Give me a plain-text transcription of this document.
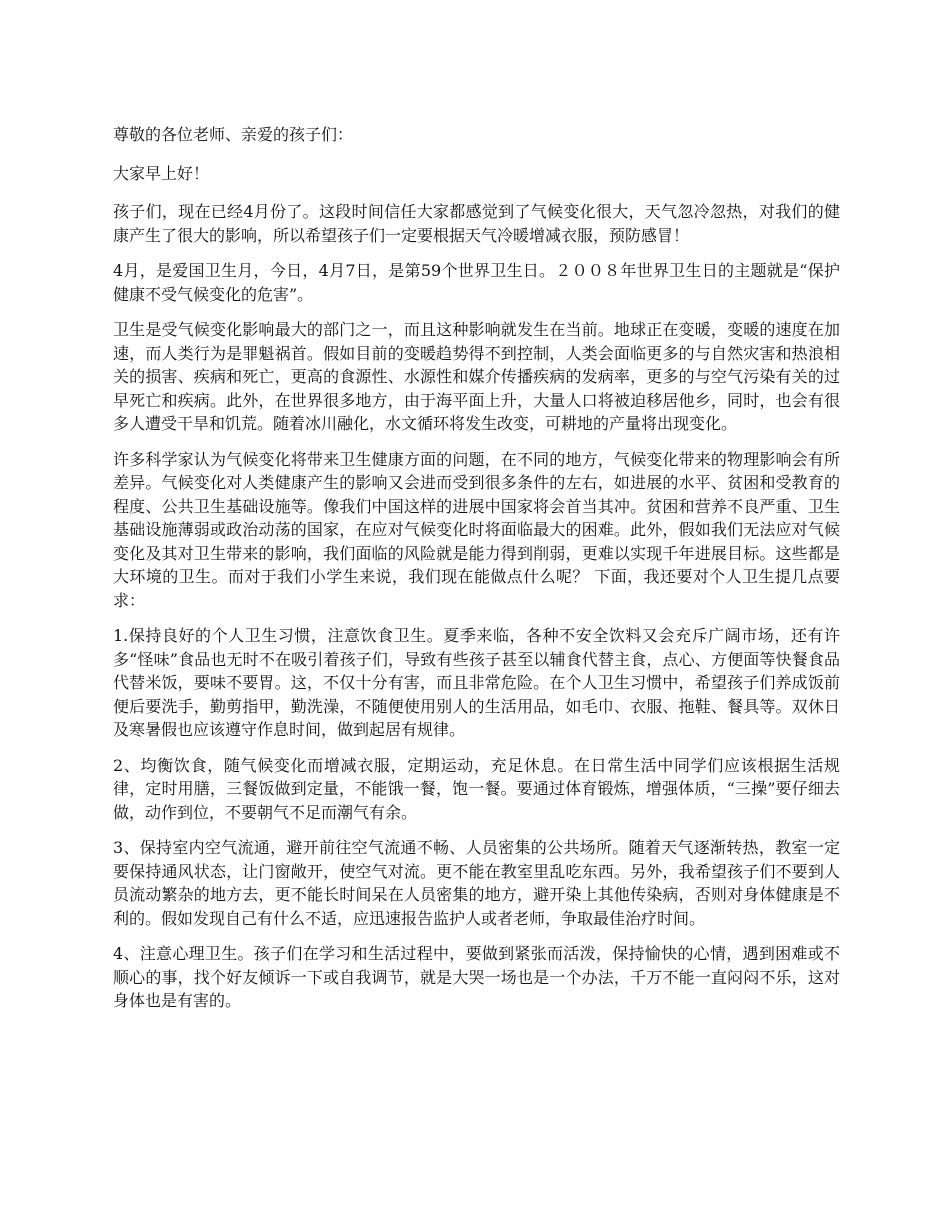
尊敬的各位老师、亲爱的孩子们：

大家早上好！

孩子们，现在已经4月份了。这段时间信任大家都感觉到了气候变化很大，天气忽冷忽热，对我们的健康产生了很大的影响，所以希望孩子们一定要根据天气冷暖增减衣服，预防感冒！

4月，是爱国卫生月，今日，4月7日，是第59个世界卫生日。２００８年世界卫生日的主题就是“保护健康不受气候变化的危害”。

卫生是受气候变化影响最大的部门之一，而且这种影响就发生在当前。地球正在变暖，变暖的速度在加速，而人类行为是罪魁祸首。假如目前的变暖趋势得不到控制，人类会面临更多的与自然灾害和热浪相关的损害、疾病和死亡，更高的食源性、水源性和媒介传播疾病的发病率，更多的与空气污染有关的过早死亡和疾病。此外，在世界很多地方，由于海平面上升，大量人口将被迫移居他乡，同时，也会有很多人遭受干旱和饥荒。随着冰川融化，水文循环将发生改变，可耕地的产量将出现变化。

许多科学家认为气候变化将带来卫生健康方面的问题，在不同的地方，气候变化带来的物理影响会有所差异。气候变化对人类健康产生的影响又会进而受到很多条件的左右，如进展的水平、贫困和受教育的程度、公共卫生基础设施等。像我们中国这样的进展中国家将会首当其冲。贫困和营养不良严重、卫生基础设施薄弱或政治动荡的国家，在应对气候变化时将面临最大的困难。此外，假如我们无法应对气候变化及其对卫生带来的影响，我们面临的风险就是能力得到削弱，更难以实现千年进展目标。这些都是大环境的卫生。而对于我们小学生来说，我们现在能做点什么呢？ 下面，我还要对个人卫生提几点要求：

1.保持良好的个人卫生习惯，注意饮食卫生。夏季来临，各种不安全饮料又会充斥广阔市场，还有许多“怪味”食品也无时不在吸引着孩子们，导致有些孩子甚至以辅食代替主食，点心、方便面等快餐食品代替米饭，要味不要胃。这，不仅十分有害，而且非常危险。在个人卫生习惯中，希望孩子们养成饭前便后要洗手，勤剪指甲，勤洗澡，不随便使用别人的生活用品，如毛巾、衣服、拖鞋、餐具等。双休日及寒暑假也应该遵守作息时间，做到起居有规律。

2、均衡饮食，随气候变化而增减衣服，定期运动，充足休息。在日常生活中同学们应该根据生活规律，定时用膳，三餐饭做到定量，不能饿一餐，饱一餐。要通过体育锻炼，增强体质，“三操”要仔细去做，动作到位，不要朝气不足而潮气有余。

3、保持室内空气流通，避开前往空气流通不畅、人员密集的公共场所。随着天气逐渐转热，教室一定要保持通风状态，让门窗敞开，使空气对流。更不能在教室里乱吃东西。另外，我希望孩子们不要到人员流动繁杂的地方去，更不能长时间呆在人员密集的地方，避开染上其他传染病，否则对身体健康是不利的。假如发现自己有什么不适，应迅速报告监护人或者老师，争取最佳治疗时间。

4、注意心理卫生。孩子们在学习和生活过程中，要做到紧张而活泼，保持愉快的心情，遇到困难或不顺心的事，找个好友倾诉一下或自我调节，就是大哭一场也是一个办法，千万不能一直闷闷不乐，这对身体也是有害的。
